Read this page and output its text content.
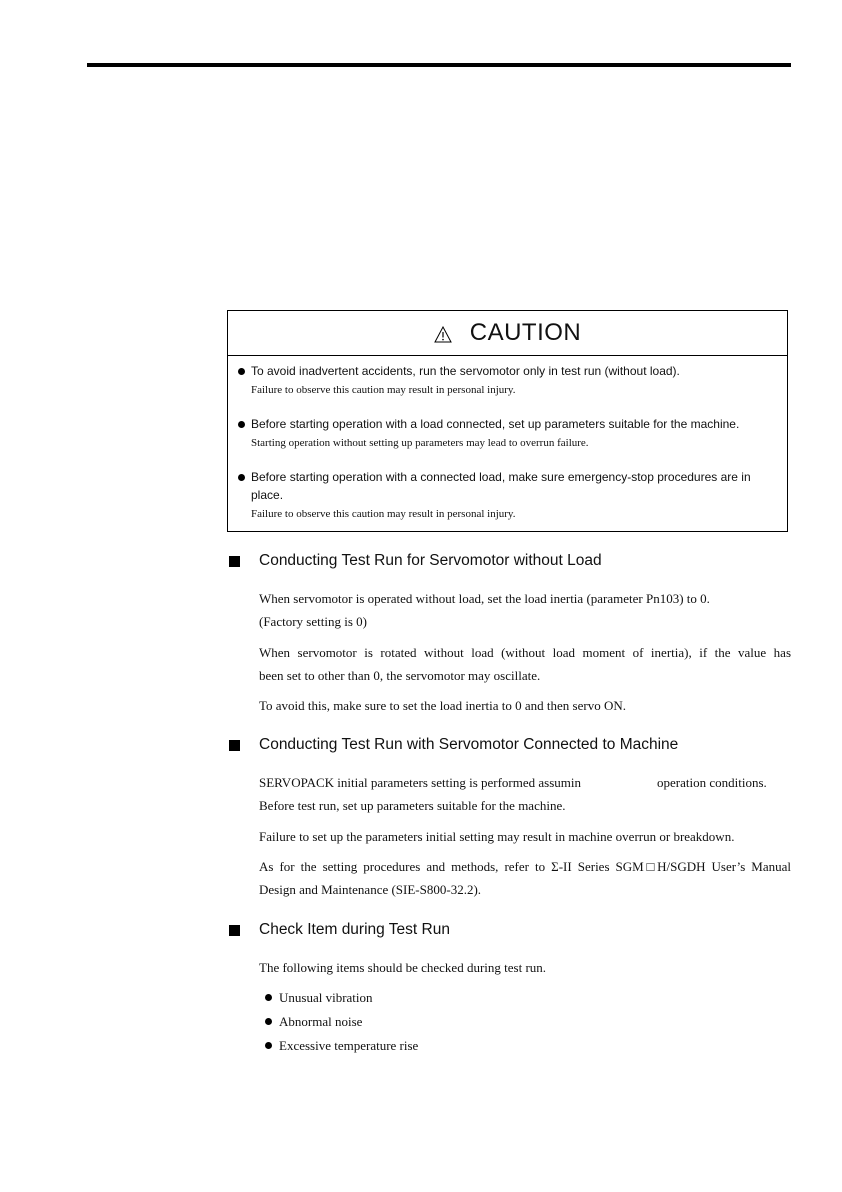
CAUTION
To avoid inadvertent accidents, run the servomotor only in test run (without load).
Failure to observe this caution may result in personal injury.
Before starting operation with a load connected, set up parameters suitable for the machine.
Starting operation without setting up parameters may lead to overrun failure.
Before starting operation with a connected load, make sure emergency-stop procedures are in
place.
Failure to observe this caution may result in personal injury.
Conducting Test Run for Servomotor without Load
When servomotor is operated without load, set the load inertia (parameter Pn103) to 0.
(Factory setting is 0)
When servomotor is rotated without load (without load moment of inertia), if the value has
been set to other than 0, the servomotor may oscillate.
To avoid this, make sure to set the load inertia to 0 and then servo ON.
Conducting Test Run with Servomotor Connected to Machine
SERVOPACK initial parameters setting is performed assumin	operation conditions.
Before test run, set up parameters suitable for the machine.
Failure to set up the parameters initial setting may result in machine overrun or breakdown.
As for the setting procedures and methods, refer to Σ-II Series SGM□H/SGDH User’s Manual
Design and Maintenance (SIE-S800-32.2).
Check Item during Test Run
The following items should be checked during test run.
Unusual vibration
Abnormal noise
Excessive temperature rise
